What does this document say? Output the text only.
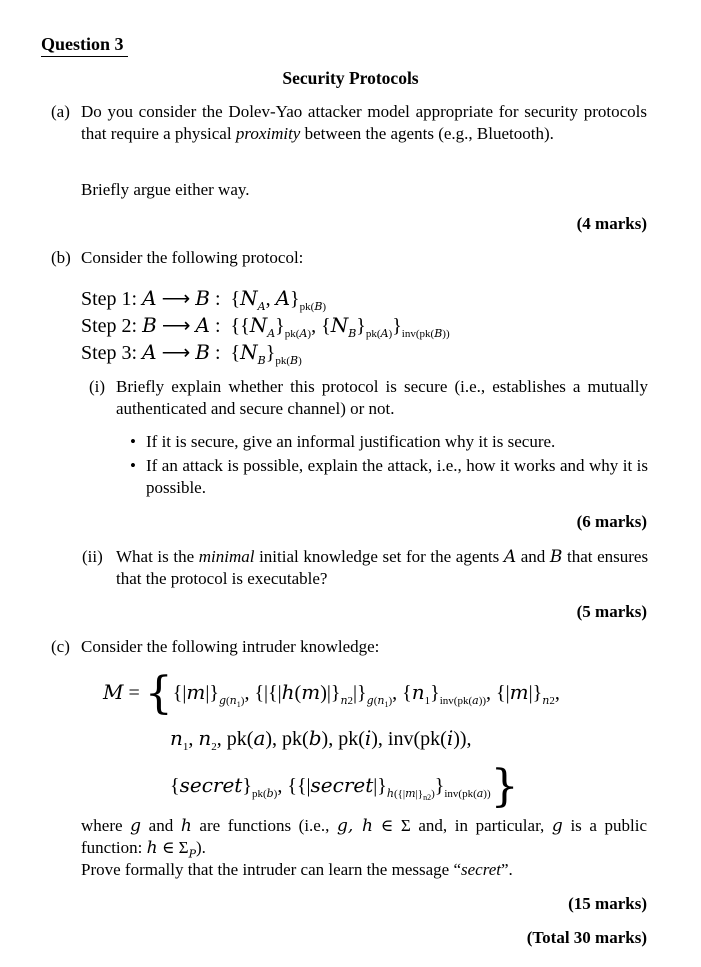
Question 3
Security Protocols
(a) Do you consider the Dolev-Yao attacker model appropriate for security protocols that require a physical proximity between the agents (e.g., Bluetooth).
Briefly argue either way.
(4 marks)
(b) Consider the following protocol:
Step 1: A ⟶ B :  {$N_A$, $A\}_{pk(B)}$
Step 2: B ⟶ A :  {$\{N_A\}_{pk(A)}$, $\{N_B\}_{pk(A)}\}_{inv(pk(B))}$
Step 3: A ⟶ B :  $\{N_B\}_{pk(B)}$
(i) Briefly explain whether this protocol is secure (i.e., establishes a mutually authenticated and secure channel) or not.
• If it is secure, give an informal justification why it is secure.
• If an attack is possible, explain the attack, i.e., how it works and why it is possible.
(6 marks)
(ii) What is the minimal initial knowledge set for the agents A and B that ensures that the protocol is executable?
(5 marks)
(c) Consider the following intruder knowledge:
$M = \{\{|m|\}_{g(n_1)}$, $\{|\{|h(m)|\}_{n2}|\}_{g(n_1)}$, $\{n_1\}_{inv(pk(a))}$, $\{|m|\}_{n2}$,
$n_1$, $n_2$, pk(a), pk(b), pk(i), inv(pk(i)),
$\{secret\}_{pk(b)}$, $\{\{|secret|\}_{h(\{|m|\}_{n2})}\}_{inv(pk(a))}$}
where g and h are functions (i.e., g, h ∈ Σ and, in particular, g is a public function: h ∈ $\Sigma_P$).
Prove formally that the intruder can learn the message “secret”.
(15 marks)
(Total 30 marks)
